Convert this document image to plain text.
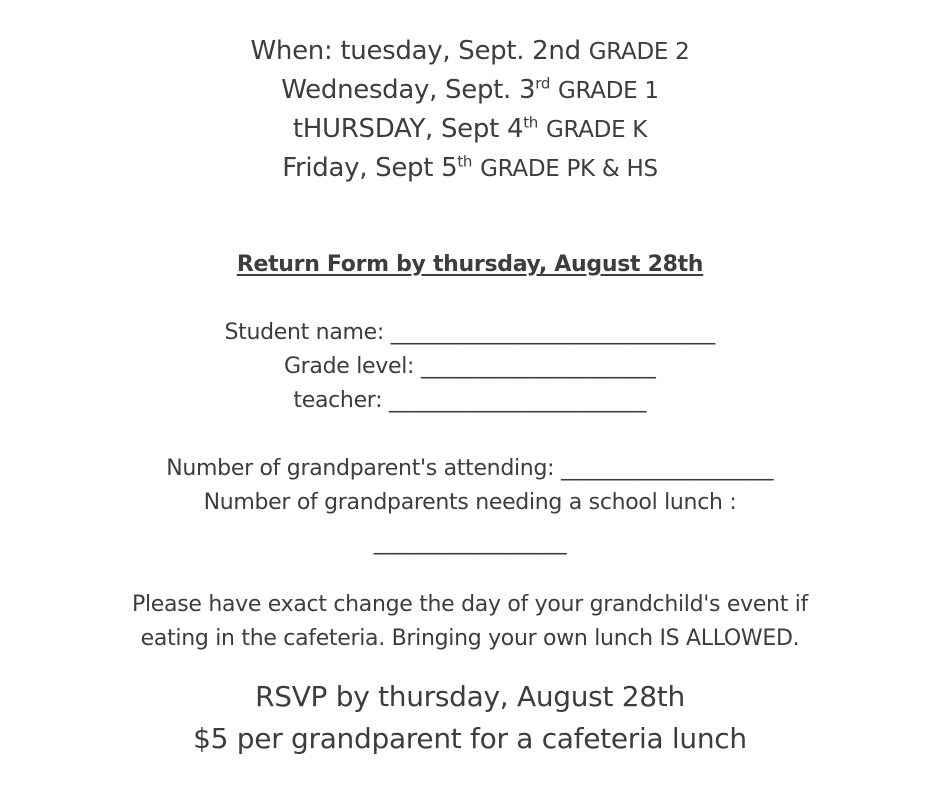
When: tuesday, Sept. 2nd GRADE 2
Wednesday, Sept. 3rd GRADE 1
tHURSDAY, Sept 4th GRADE K
Friday, Sept 5th GRADE PK & HS
Return Form by thursday, August 28th
Student name: _____________________________
Grade level: _____________________
teacher: _______________________
Number of grandparent's attending: ___________________
Number of grandparents needing a school lunch :
__________________
Please have exact change the day of your grandchild's event if
eating in the cafeteria. Bringing your own lunch IS ALLOWED.
RSVP by thursday, August 28th
$5 per grandparent for a cafeteria lunch
